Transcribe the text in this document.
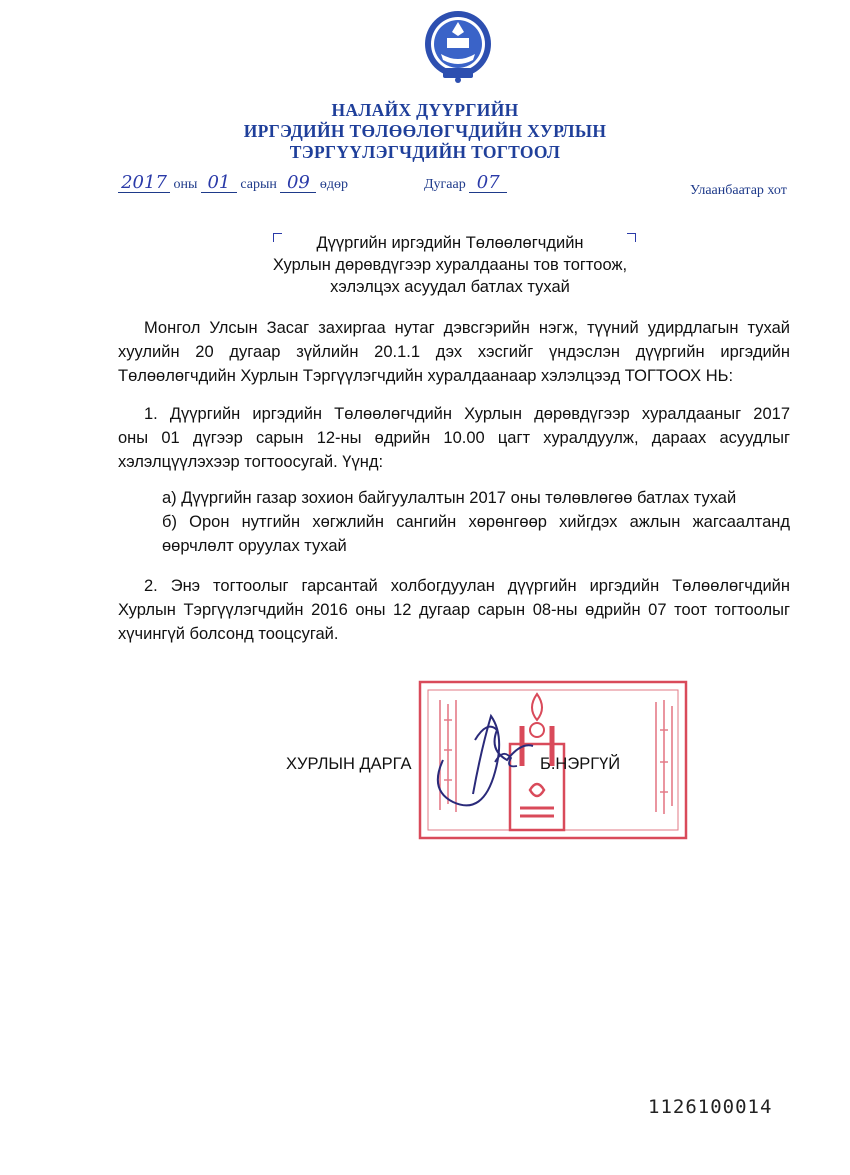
НАЛАЙХ ДҮҮРГИЙН
ИРГЭДИЙН ТӨЛӨӨЛӨГЧДИЙН ХУРЛЫН
ТЭРГҮҮЛЭГЧДИЙН ТОГТООЛ
2017 оны 01 сарын 09 өдөр	Дугаар 07	Улаанбаатар хот
Дүүргийн иргэдийн Төлөөлөгчдийн
Хурлын дөрөвдүгээр хуралдааны тов тогтоож,
хэлэлцэх асуудал батлах тухай
Монгол Улсын Засаг захиргаа нутаг дэвсгэрийн нэгж, түүний удирдлагын тухай
хуулийн 20 дугаар зүйлийн 20.1.1 дэх хэсгийг үндэслэн дүүргийн иргэдийн
Төлөөлөгчдийн Хурлын Тэргүүлэгчдийн хуралдаанаар хэлэлцээд ТОГТООХ НЬ:
1. Дүүргийн иргэдийн Төлөөлөгчдийн Хурлын дөрөвдүгээр хуралдааныг 2017
оны 01 дүгээр сарын 12-ны өдрийн 10.00 цагт хуралдуулж, дараах асуудлыг
хэлэлцүүлэхээр тогтоосугай. Үүнд:
а) Дүүргийн газар зохион байгуулалтын 2017 оны төлөвлөгөө батлах тухай
б) Орон нутгийн хөгжлийн сангийн хөрөнгөөр хийгдэх ажлын жагсаалтанд
өөрчлөлт оруулах тухай
2. Энэ тогтоолыг гарсантай холбогдуулан дүүргийн иргэдийн Төлөөлөгчдийн
Хурлын Тэргүүлэгчдийн 2016 оны 12 дугаар сарын 08-ны өдрийн 07 тоот тогтоолыг
хүчингүй болсонд тооцсугай.
ХУРЛЫН ДАРГА	Б.НЭРГҮЙ
1126100014
